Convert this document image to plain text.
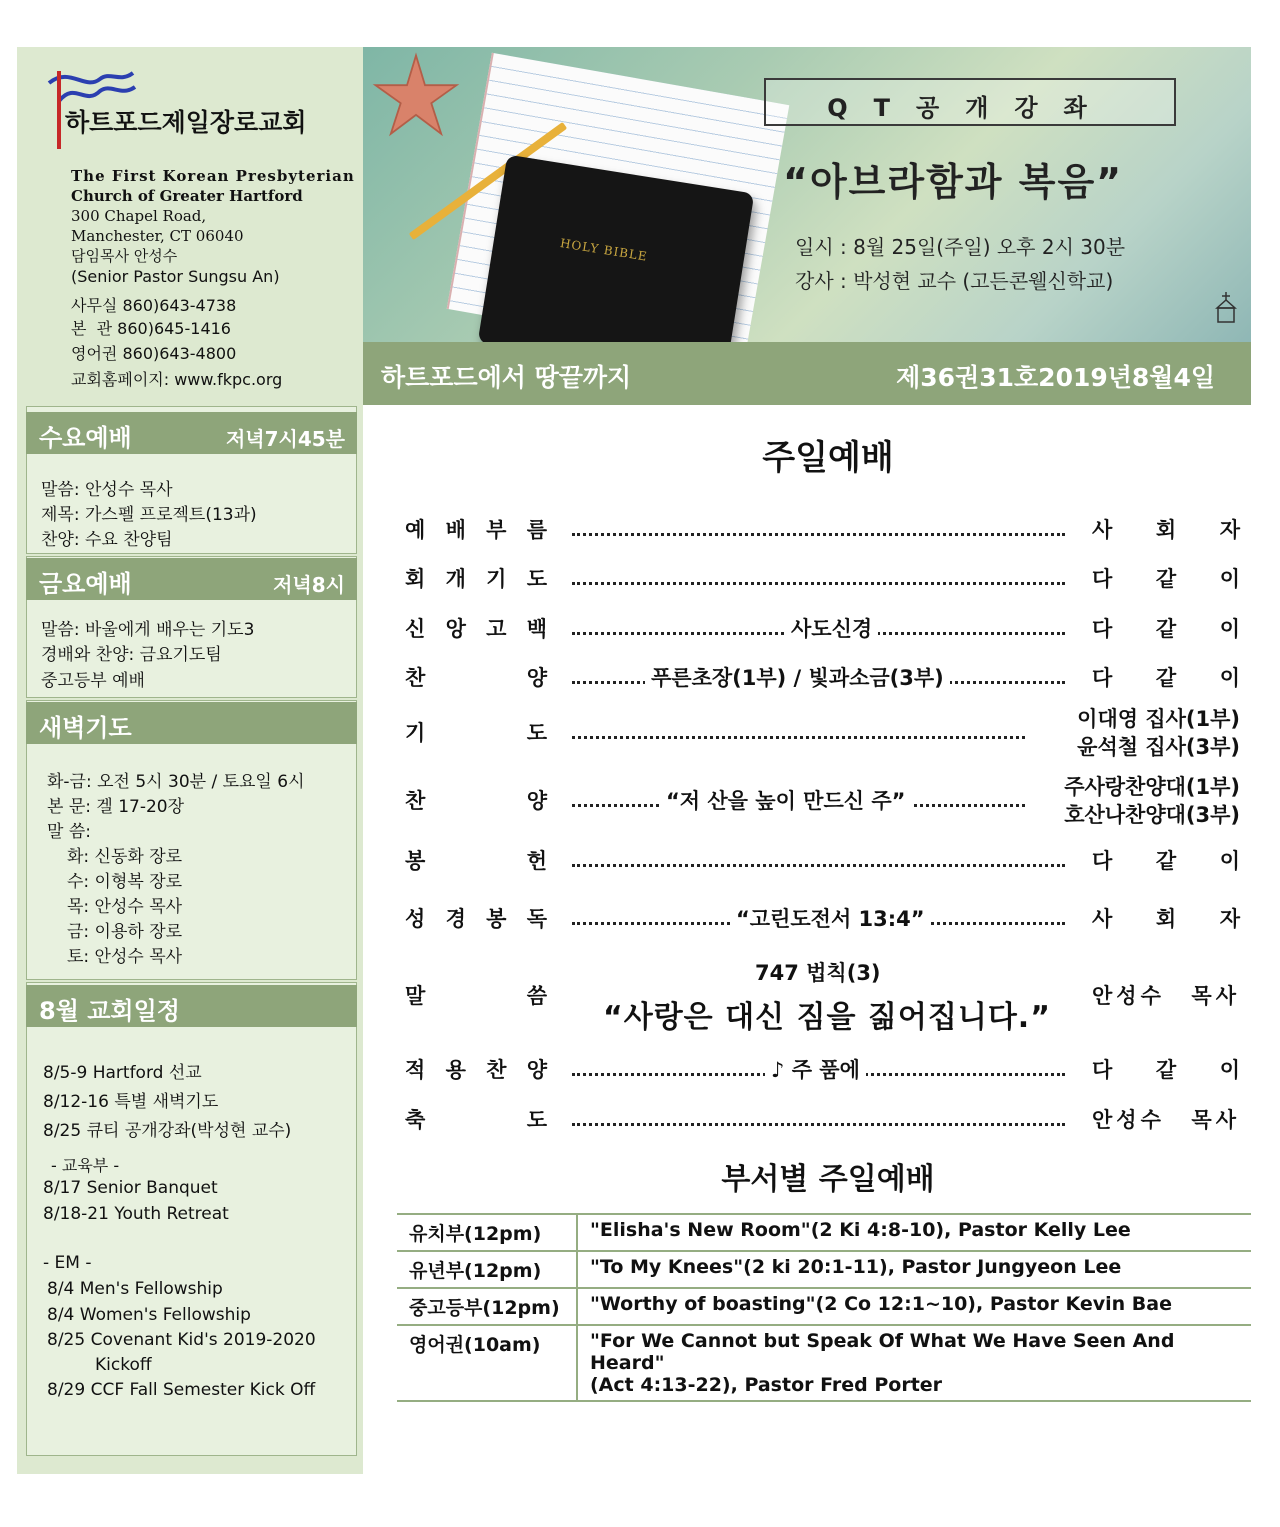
하트포드제일장로교회
The First Korean Presbyterian
Church of Greater Hartford
300 Chapel Road,
Manchester, CT 06040
담임목사 안성수
(Senior Pastor Sungsu An)
사무실 860)643-4738
본  관 860)645-1416
영어권 860)643-4800
교회홈페이지: www.fkpc.org
수요예배	저녁7시45분
말씀: 안성수 목사
제목: 가스펠 프로젝트(13과)
찬양: 수요 찬양팀
금요예배	저녁8시
말씀: 바울에게 배우는 기도3
경배와 찬양: 금요기도팀
중고등부 예배
새벽기도
화-금: 오전 5시 30분 / 토요일 6시
본 문: 겔 17-20장
말 씀:
화: 신동화 장로
수: 이형복 장로
목: 안성수 목사
금: 이용하 장로
토: 안성수 목사
8월 교회일정
8/5-9 Hartford 선교
8/12-16 특별 새벽기도
8/25 큐티 공개강좌(박성현 교수)
- 교육부 -
8/17 Senior Banquet
8/18-21 Youth Retreat
- EM -
8/4 Men's Fellowship
8/4 Women's Fellowship
8/25 Covenant Kid's 2019-2020
Kickoff
8/29 CCF Fall Semester Kick Off
HOLY BIBLE
QT공개강좌
“아브라함과 복음”
일시 : 8월 25일(주일) 오후 2시 30분
강사 : 박성현 교수 (고든콘웰신학교)
하트포드에서 땅끝까지	제36권31호2019년8월4일
주일예배
예 배 부 름	사 회 자
회 개 기 도	다 같 이
신 앙 고 백	사도신경	다 같 이
찬	양	푸른초장(1부) / 빛과소금(3부)	다 같 이
기	도
이대영 집사(1부)
윤석철 집사(3부)
찬	양	“저 산을 높이 만드신 주”
주사랑찬양대(1부)
호산나찬양대(3부)
봉	헌	다 같 이
성 경 봉 독	“고린도전서 13:4”	사 회 자
말	씀	안성수 목사
적 용 찬 양	♪ 주 품에	다 같 이
축	도	안성수 목사
747 법칙(3)
“사랑은 대신 짐을 짊어집니다.”
부서별 주일예배
유치부(12pm)	"Elisha's New Room"(2 Ki 4:8-10), Pastor Kelly Lee

유년부(12pm)	"To My Knees"(2 ki 20:1-11), Pastor Jungyeon Lee

중고등부(12pm)	"Worthy of boasting"(2 Co 12:1~10), Pastor Kevin Bae

영어권(10am)	"For We Cannot but Speak Of What We Have Seen And Heard"
(Act 4:13-22), Pastor Fred Porter
